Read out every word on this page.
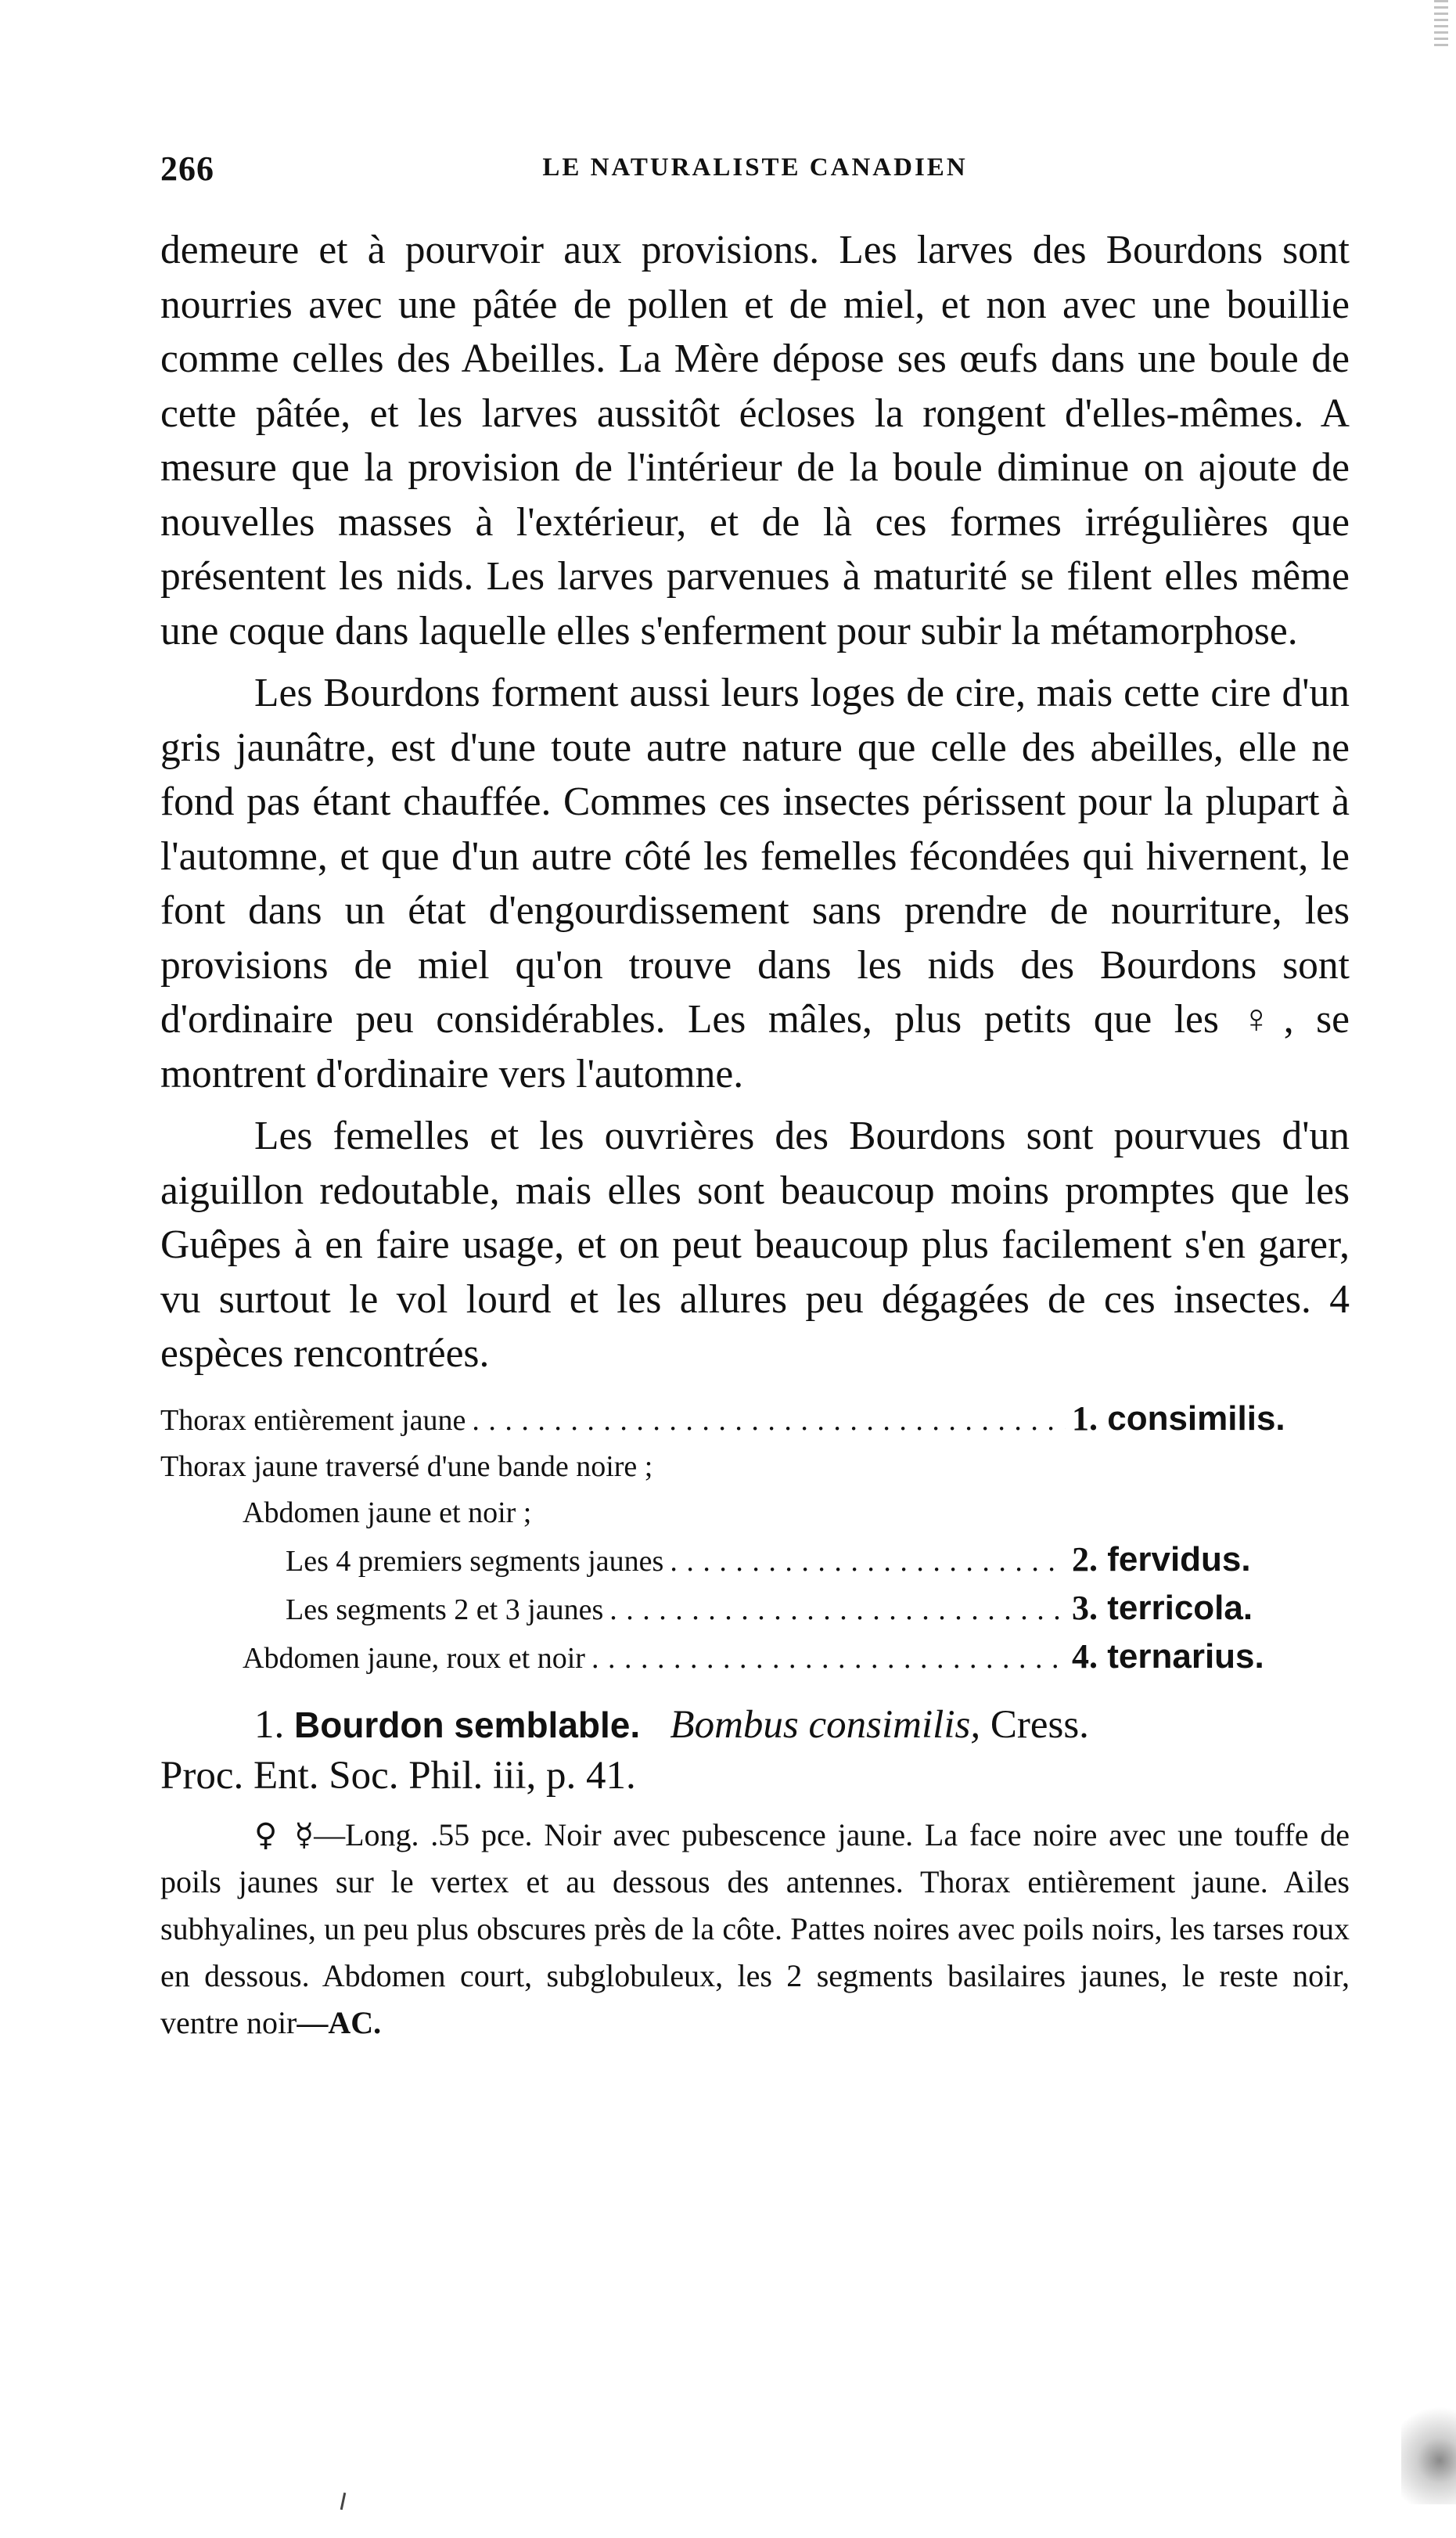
266	LE NATURALISTE CANADIEN

demeure et à pourvoir aux provisions. Les larves des Bourdons sont nourries avec une pâtée de pollen et de miel, et non avec une bouillie comme celles des Abeilles. La Mère dépose ses œufs dans une boule de cette pâtée, et les larves aussitôt écloses la rongent d'elles-mêmes. A mesure que la provision de l'intérieur de la boule diminue on ajoute de nouvelles masses à l'extérieur, et de là ces formes irrégulières que présentent les nids. Les larves parvenues à maturité se filent elles même une coque dans laquelle elles s'enferment pour subir la métamorphose.

Les Bourdons forment aussi leurs loges de cire, mais cette cire d'un gris jaunâtre, est d'une toute autre nature que celle des abeilles, elle ne fond pas étant chauffée. Commes ces insectes périssent pour la plupart à l'automne, et que d'un autre côté les femelles fécondées qui hivernent, le font dans un état d'engourdissement sans prendre de nourriture, les provisions de miel qu'on trouve dans les nids des Bourdons sont d'ordinaire peu considérables. Les mâles, plus petits que les ♀, se montrent d'ordinaire vers l'automne.

Les femelles et les ouvrières des Bourdons sont pourvues d'un aiguillon redoutable, mais elles sont beaucoup moins promptes que les Guêpes à en faire usage, et on peut beaucoup plus facilement s'en garer, vu surtout le vol lourd et les allures peu dégagées de ces insectes. 4 espèces rencontrées.

Thorax entièrement jaune . . .	1. consimilis.
Thorax jaune traversé d'une bande noire ;
Abdomen jaune et noir ;
Les 4 premiers segments jaunes . . .	2. fervidus.
Les segments 2 et 3 jaunes . . .	3. terricola.
Abdomen jaune, roux et noir . . .	4. ternarius.
1. Bourdon semblable. Bombus consimilis, Cress.
Proc. Ent. Soc. Phil. iii, p. 41.

♀ ☿—Long. .55 pce. Noir avec pubescence jaune. La face noire avec une touffe de poils jaunes sur le vertex et au dessous des antennes. Thorax entièrement jaune. Ailes subhyalines, un peu plus obscures près de la côte. Pattes noires avec poils noirs, les tarses roux en dessous. Abdomen court, subglobuleux, les 2 segments basilaires jaunes, le reste noir, ventre noir—AC.
